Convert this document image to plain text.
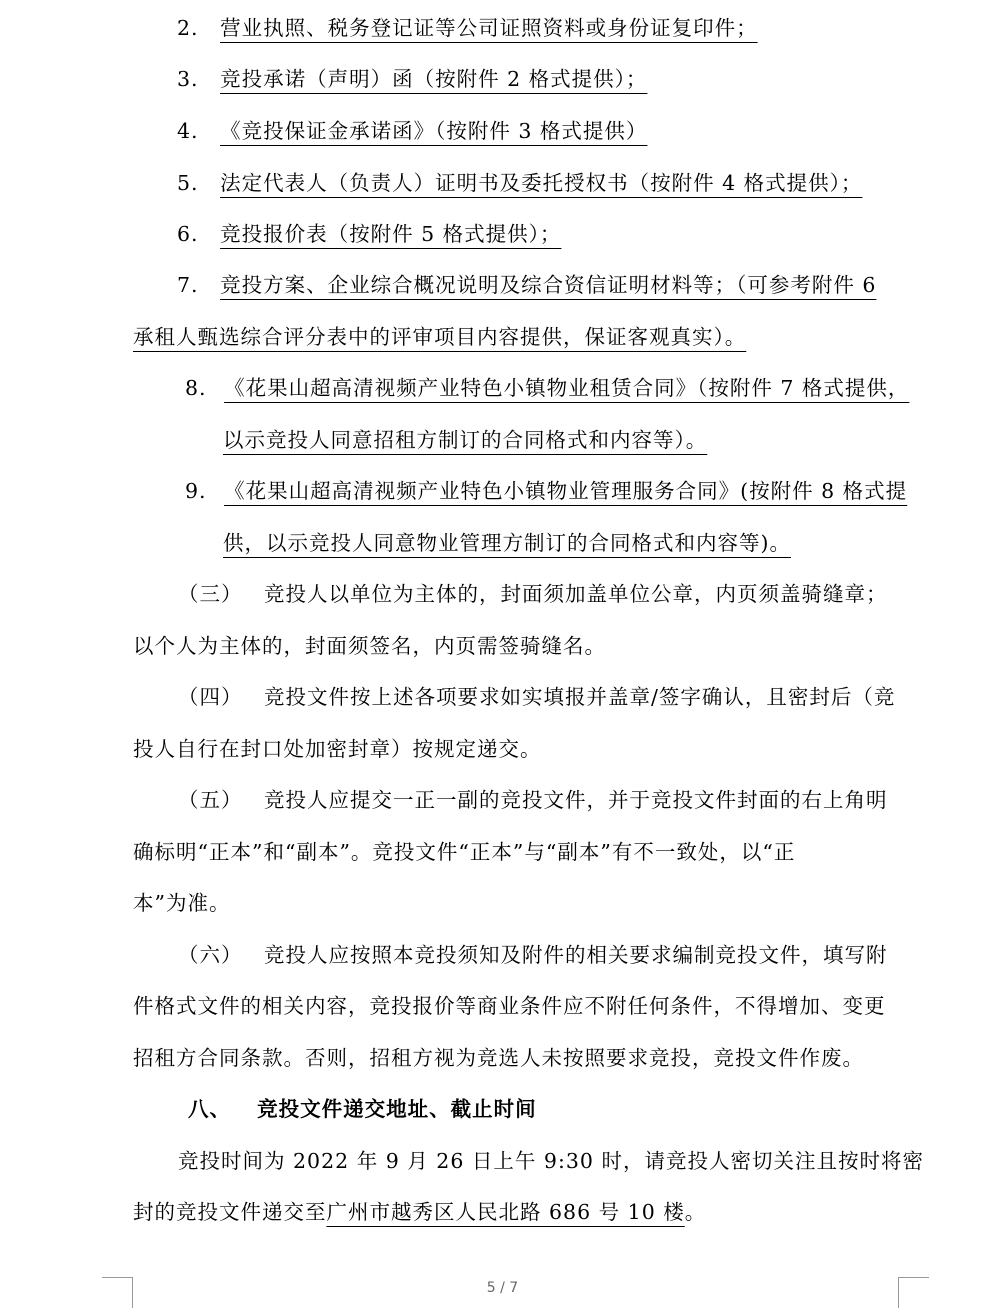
2. 营业执照、税务登记证等公司证照资料或身份证复印件；
3. 竞投承诺（声明）函（按附件 2 格式提供）；
4. 《竞投保证金承诺函》（按附件 3 格式提供）
5. 法定代表人（负责人）证明书及委托授权书（按附件 4 格式提供）；
6. 竞投报价表（按附件 5 格式提供）；
7. 竞投方案、企业综合概况说明及综合资信证明材料等；（可参考附件 6
承租人甄选综合评分表中的评审项目内容提供，保证客观真实）。
8. 《花果山超高清视频产业特色小镇物业租赁合同》（按附件 7 格式提供，
以示竞投人同意招租方制订的合同格式和内容等）。
9. 《花果山超高清视频产业特色小镇物业管理服务合同》(按附件 8 格式提
供，以示竞投人同意物业管理方制订的合同格式和内容等)。
（三） 竞投人以单位为主体的，封面须加盖单位公章，内页须盖骑缝章；
以个人为主体的，封面须签名，内页需签骑缝名。
（四） 竞投文件按上述各项要求如实填报并盖章/签字确认，且密封后（竞
投人自行在封口处加密封章）按规定递交。
（五） 竞投人应提交一正一副的竞投文件，并于竞投文件封面的右上角明
确标明“正本”和“副本”。竞投文件“正本”与“副本”有不一致处，以“正
本”为准。
（六） 竞投人应按照本竞投须知及附件的相关要求编制竞投文件，填写附
件格式文件的相关内容，竞投报价等商业条件应不附任何条件，不得增加、变更
招租方合同条款。否则，招租方视为竞选人未按照要求竞投，竞投文件作废。
八、 竞投文件递交地址、截止时间
竞投时间为 2022 年 9 月 26 日上午 9:30 时，请竞投人密切关注且按时将密
封的竞投文件递交至广州市越秀区人民北路 686 号 10 楼。
5 / 7
